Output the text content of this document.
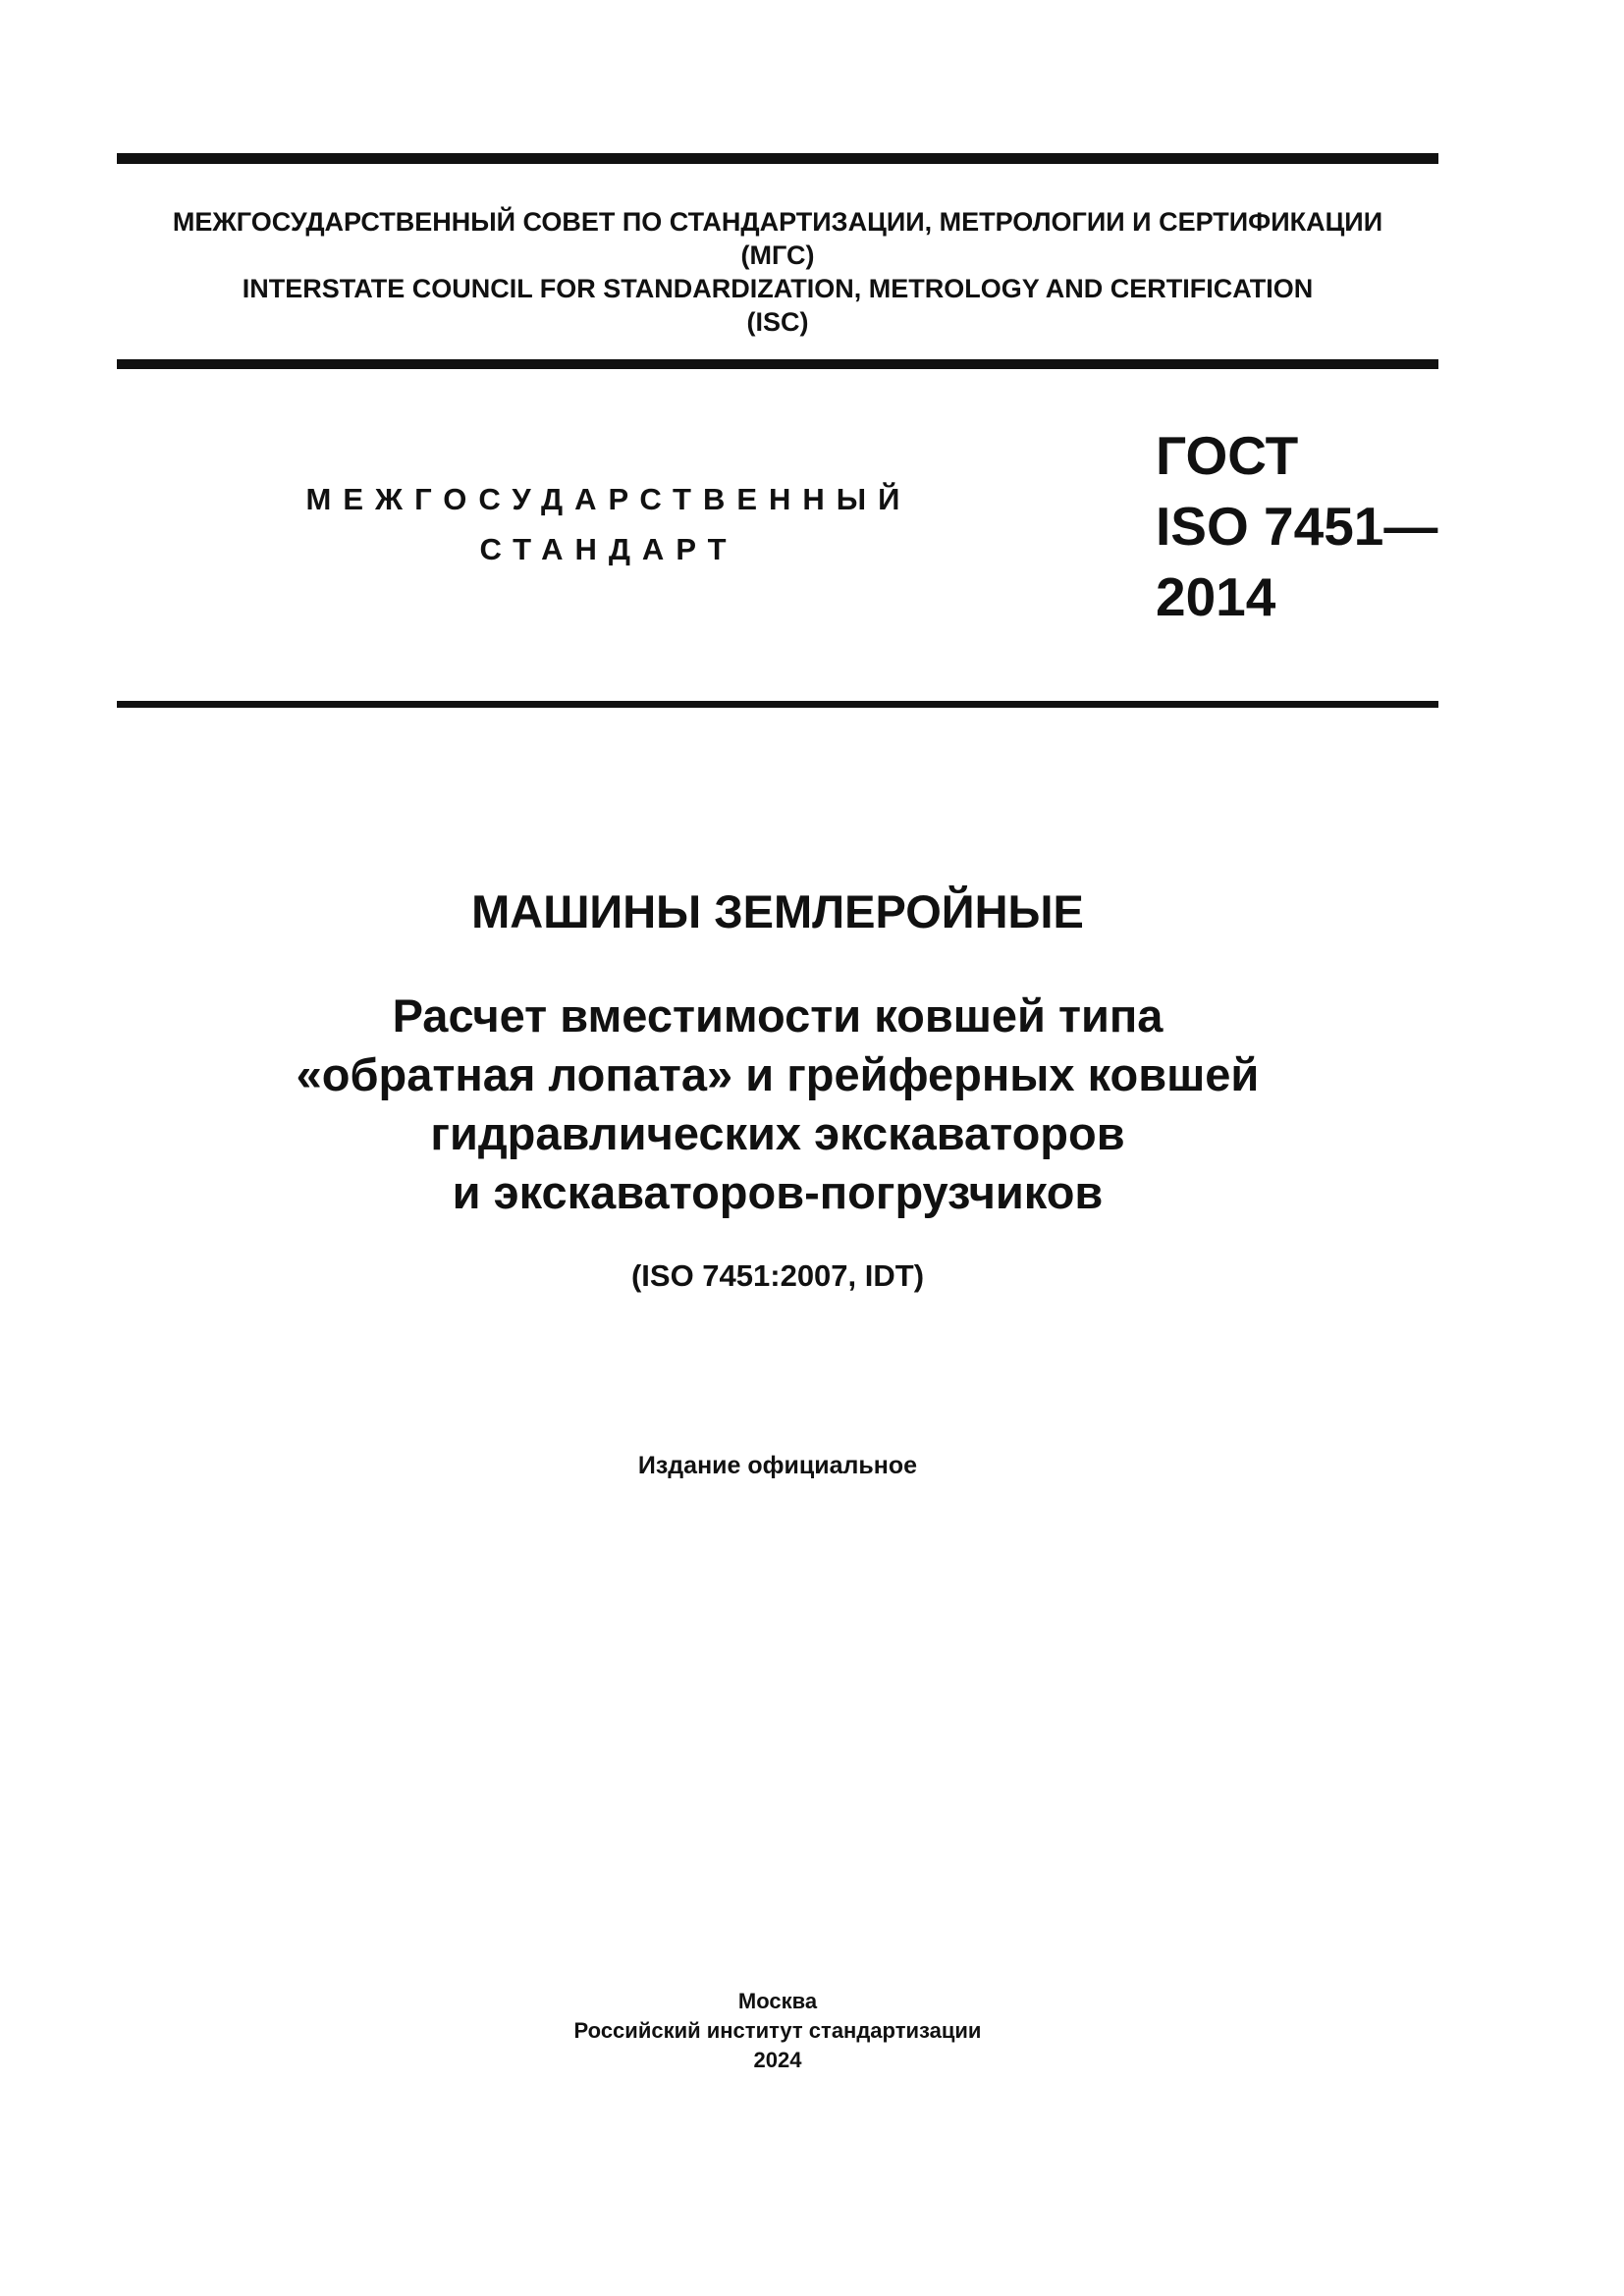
МЕЖГОСУДАРСТВЕННЫЙ СОВЕТ ПО СТАНДАРТИЗАЦИИ, МЕТРОЛОГИИ И СЕРТИФИКАЦИИ
(МГС)
INTERSTATE COUNCIL FOR STANDARDIZATION, METROLOGY AND CERTIFICATION
(ISC)
МЕЖГОСУДАРСТВЕННЫЙ
СТАНДАРТ
ГОСТ
ISO 7451—
2014
МАШИНЫ ЗЕМЛЕРОЙНЫЕ
Расчет вместимости ковшей типа
«обратная лопата» и грейферных ковшей
гидравлических экскаваторов
и экскаваторов-погрузчиков
(ISO 7451:2007, IDT)
Издание официальное
Москва
Российский институт стандартизации
2024
